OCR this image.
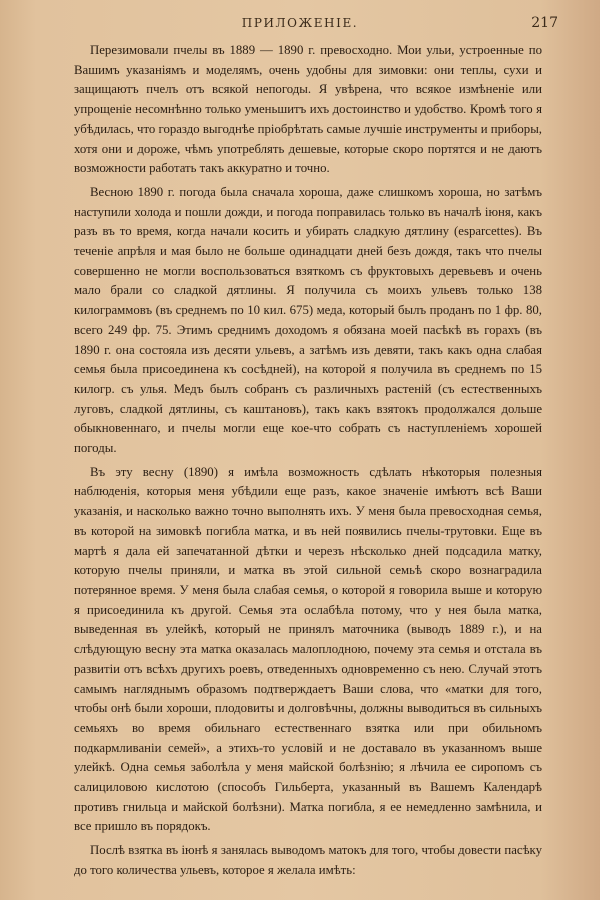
ПРИЛОЖЕНІЕ.	217

Перезимовали пчелы въ 1889 — 1890 г. превосходно. Мои ульи, устроенные по Вашимъ указаніямъ и моделямъ, очень удобны для зимовки: они теплы, сухи и защищаютъ пчелъ отъ всякой непогоды. Я увѣрена, что всякое измѣненіе или упрощеніе несомнѣнно только уменьшитъ ихъ достоинство и удобство. Кромѣ того я убѣдилась, что гораздо выгоднѣе пріобрѣтать самые лучшіе инструменты и приборы, хотя они и дороже, чѣмъ употреблять дешевые, которые скоро портятся и не даютъ возможности работать такъ аккуратно и точно.

Весною 1890 г. погода была сначала хороша, даже слишкомъ хороша, но затѣмъ наступили холода и пошли дожди, и погода поправилась только въ началѣ іюня, какъ разъ въ то время, когда начали косить и убирать сладкую дятлину (esparcettes). Въ теченіе апрѣля и мая было не больше одинадцати дней безъ дождя, такъ что пчелы совершенно не могли воспользоваться взяткомъ съ фруктовыхъ деревьевъ и очень мало брали со сладкой дятлины. Я получила съ моихъ ульевъ только 138 килограммовъ (въ среднемъ по 10 кил. 675) меда, который былъ проданъ по 1 фр. 80, всего 249 фр. 75. Этимъ среднимъ доходомъ я обязана моей пасѣкѣ въ горахъ (въ 1890 г. она состояла изъ десяти ульевъ, а затѣмъ изъ девяти, такъ какъ одна слабая семья была присоединена къ сосѣдней), на которой я получила въ среднемъ по 15 килогр. съ улья. Медъ былъ собранъ съ различныхъ растеній (съ естественныхъ луговъ, сладкой дятлины, съ каштановъ), такъ какъ взятокъ продолжался дольше обыкновеннаго, и пчелы могли еще кое-что собрать съ наступленіемъ хорошей погоды.

Въ эту весну (1890) я имѣла возможность сдѣлать нѣкоторыя полезныя наблюденія, которыя меня убѣдили еще разъ, какое значеніе имѣютъ всѣ Ваши указанія, и насколько важно точно выполнять ихъ. У меня была превосходная семья, въ которой на зимовкѣ погибла матка, и въ ней появились пчелы-трутовки. Еще въ мартѣ я дала ей запечатанной дѣтки и черезъ нѣсколько дней подсадила матку, которую пчелы приняли, и матка въ этой сильной семьѣ скоро вознаградила потерянное время. У меня была слабая семья, о которой я говорила выше и которую я присоединила къ другой. Семья эта ослабѣла потому, что у нея была матка, выведенная въ улейкѣ, который не принялъ маточника (выводъ 1889 г.), и на слѣдующую весну эта матка оказалась малоплодною, почему эта семья и отстала въ развитіи отъ всѣхъ другихъ роевъ, отведенныхъ одновременно съ нею. Случай этотъ самымъ нагляднымъ образомъ подтверждаетъ Ваши слова, что «матки для того, чтобы онѣ были хороши, плодовиты и долговѣчны, должны выводиться въ сильныхъ семьяхъ во время обильнаго естественнаго взятка или при обильномъ подкармливаніи семей», а этихъ-то условій и не доставало въ указанномъ выше улейкѣ. Одна семья заболѣла у меня майской болѣзнію; я лѣчила ее сиропомъ съ салициловою кислотою (способъ Гильберта, указанный въ Вашемъ Календарѣ противъ гнильца и майской болѣзни). Матка погибла, я ее немедленно замѣнила, и все пришло въ порядокъ.

Послѣ взятка въ іюнѣ я занялась выводомъ матокъ для того, чтобы довести пасѣку до того количества ульевъ, которое я желала имѣть:
